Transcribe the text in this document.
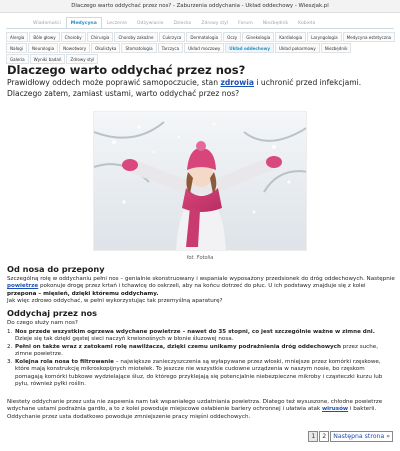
Dlaczego warto oddychać przez nos? - Zaburzenia oddychania - Układ oddechowy - Wieszjak.pl
Wiadomości	Medycyna	Leczenie	Odżywianie	Dziecko	Zdrowy styl	Forum	Niezbędnik	Kobieta
Alergia	Bóle głowy	Choroby	Chirurgia	Choroby zakaźne	Cukrzyca	Dermatologia	Oczy	Ginekologia	Kardiologia	Laryngologia	Medycyna estetyczna
Nałogi	Neurologia	Nowotwory	Okulistyka	Stomatologia	Tarczyca	Układ moczowy	Układ oddechowy	Układ pokarmowy	Niezbędnik
Galeria	Wyniki badań	Zdrowy styl
Dlaczego warto oddychać przez nos?

Prawidłowy oddech może poprawić samopoczucie, stan zdrowia i uchronić przed infekcjami. Dlaczego zatem, zamiast ustami, warto oddychać przez nos?

fot. Fotolia
Od nosa do przepony

Szczególną rolę w oddychaniu pełni nos – genialnie skonstruowany i wspaniale wyposażony przedsionek do dróg oddechowych. Następnie powietrze pokonuje drogę przez krtań i tchawicę do oskrzeli, aby na końcu dotrzeć do płuc. U ich podstawy znajduje się z kolei przepona – mięsień, dzięki któremu oddychamy.

Jak więc zdrowo oddychać, w pełni wykorzystując tak przemyślną aparaturę?

Oddychaj przez nos

Do czego służy nam nos?

1. Nos przede wszystkim ogrzewa wdychane powietrze – nawet do 35 stopni, co jest szczególnie ważne w zimne dni. Dzieje się tak dzięki gęstej sieci naczyń krwionośnych w błonie śluzowej nosa.
2. Pełni on także wraz z zatokami rolę nawilżacza, dzięki czemu unikamy podrażnienia dróg oddechowych przez suche, zimne powietrze.
3. Kolejna rola nosa to filtrowanie – największe zanieczyszczenia są wyłapywane przez włoski, mniejsze przez komórki rzęskowe, które mają konstrukcję mikroskopijnych miotełek. To jeszcze nie wszystkie cudowne urządzenia w naszym nosie, bo rzęskom pomagają komórki tubkowe wydzielające śluz, do którego przyklejają się potencjalnie niebezpieczne mikroby i cząsteczki kurzu lub pyłu, również pyłki roślin.

Niestety oddychanie przez usta nie zapewnia nam tak wspaniałego uzdatniania powietrza. Dlatego też wysuszone, chłodne powietrze wdychane ustami podrażnia gardło, a to z kolei powoduje miejscowe osłabienie bariery ochronnej i ułatwia atak wirusów i bakterii. Oddychanie przez usta dodatkowo powoduje zmniejszenie pracy mięśni oddechowych.

1	2	Następna strona »
